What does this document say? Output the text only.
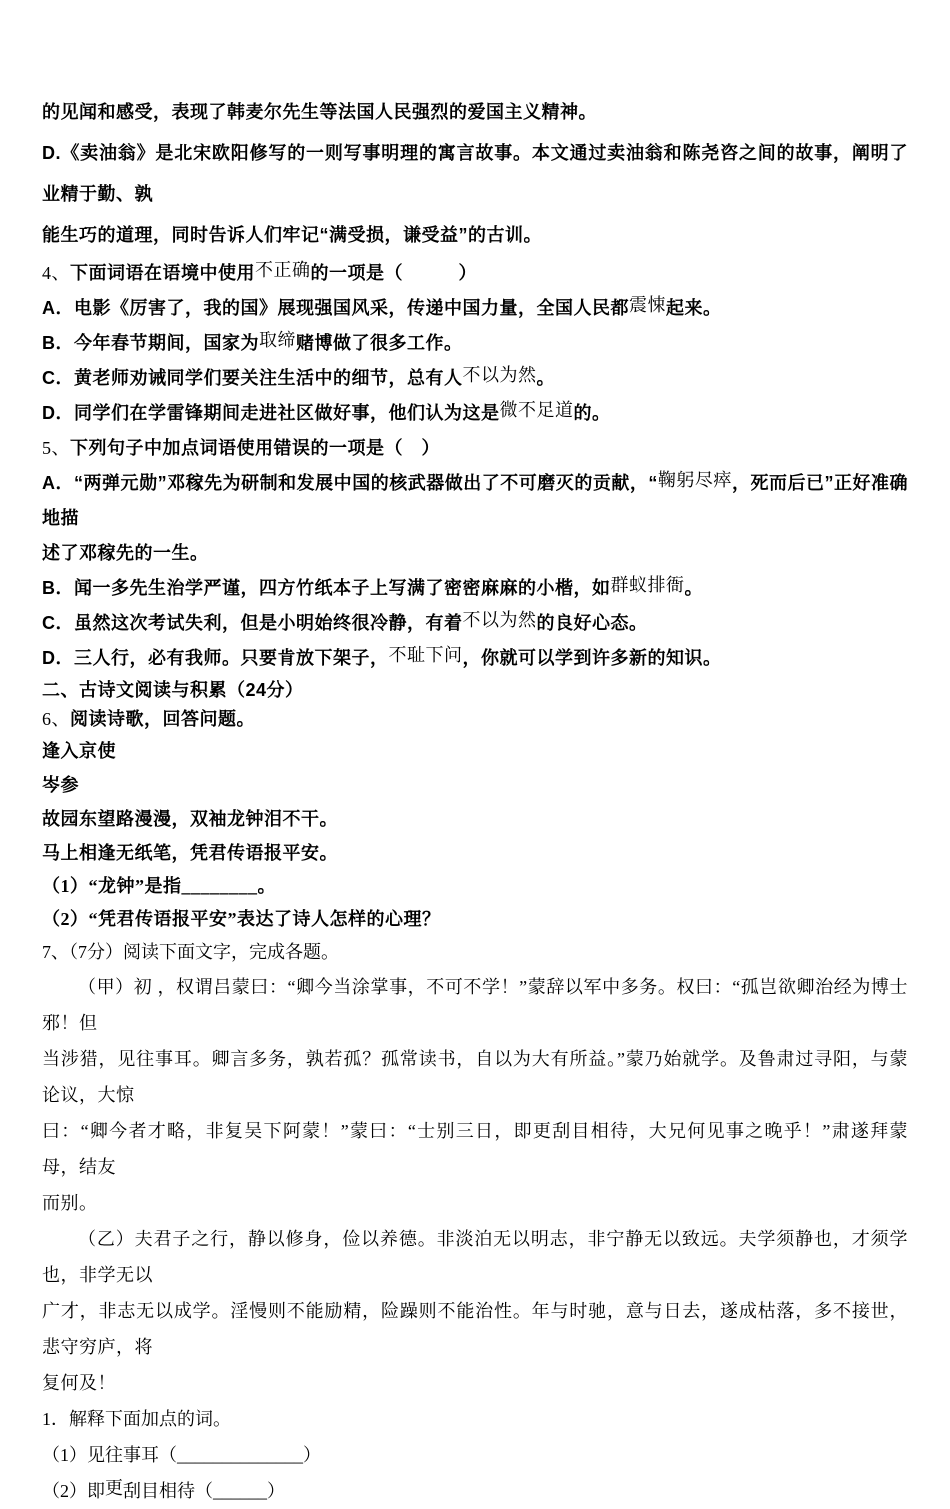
的见闻和感受，表现了韩麦尔先生等法国人民强烈的爱国主义精神。

D.《卖油翁》是北宋欧阳修写的一则写事明理的寓言故事。本文通过卖油翁和陈尧咨之间的故事，阐明了业精于勤、孰

能生巧的道理，同时告诉人们牢记“满受损，谦受益”的古训。

4、下面词语在语境中使用不正确的一项是（　　　）

A．电影《厉害了，我的国》展现强国风采，传递中国力量，全国人民都震悚起来。

B．今年春节期间，国家为取缔赌博做了很多工作。

C．黄老师劝诫同学们要关注生活中的细节，总有人不以为然。

D．同学们在学雷锋期间走进社区做好事，他们认为这是微不足道的。

5、下列句子中加点词语使用错误的一项是（　）

A．“两弹元勋”邓稼先为研制和发展中国的核武器做出了不可磨灭的贡献，“鞠躬尽瘁，死而后已”正好准确地描

述了邓稼先的一生。

B．闻一多先生治学严谨，四方竹纸本子上写满了密密麻麻的小楷，如群蚁排衙。

C．虽然这次考试失利，但是小明始终很冷静，有着不以为然的良好心态。

D．三人行，必有我师。只要肯放下架子，不耻下问，你就可以学到许多新的知识。

二、古诗文阅读与积累（24分）

6、阅读诗歌，回答问题。

逢入京使

岑参

故园东望路漫漫，双袖龙钟泪不干。

马上相逢无纸笔，凭君传语报平安。

（1）“龙钟”是指________。

（2）“凭君传语报平安”表达了诗人怎样的心理？

7、（7分）阅读下面文字，完成各题。

（甲）初 ，权谓吕蒙曰：“卿今当涂掌事，不可不学！”蒙辞以军中多务。权曰：“孤岂欲卿治经为博士邪！但

当涉猎，见往事耳。卿言多务，孰若孤？孤常读书，自以为大有所益。”蒙乃始就学。及鲁肃过寻阳，与蒙论议，大惊

曰：“卿今者才略，非复吴下阿蒙！”蒙曰：“士别三日，即更刮目相待，大兄何见事之晚乎！”肃遂拜蒙母，结友

而别。

（乙）夫君子之行，静以修身，俭以养德。非淡泊无以明志，非宁静无以致远。夫学须静也，才须学也，非学无以

广才，非志无以成学。淫慢则不能励精，险躁则不能治性。年与时驰，意与日去，遂成枯落，多不接世，悲守穷庐，将

复何及！

1．解释下面加点的词。

（1）见往事耳（______________）

（2）即更刮目相待（______）
